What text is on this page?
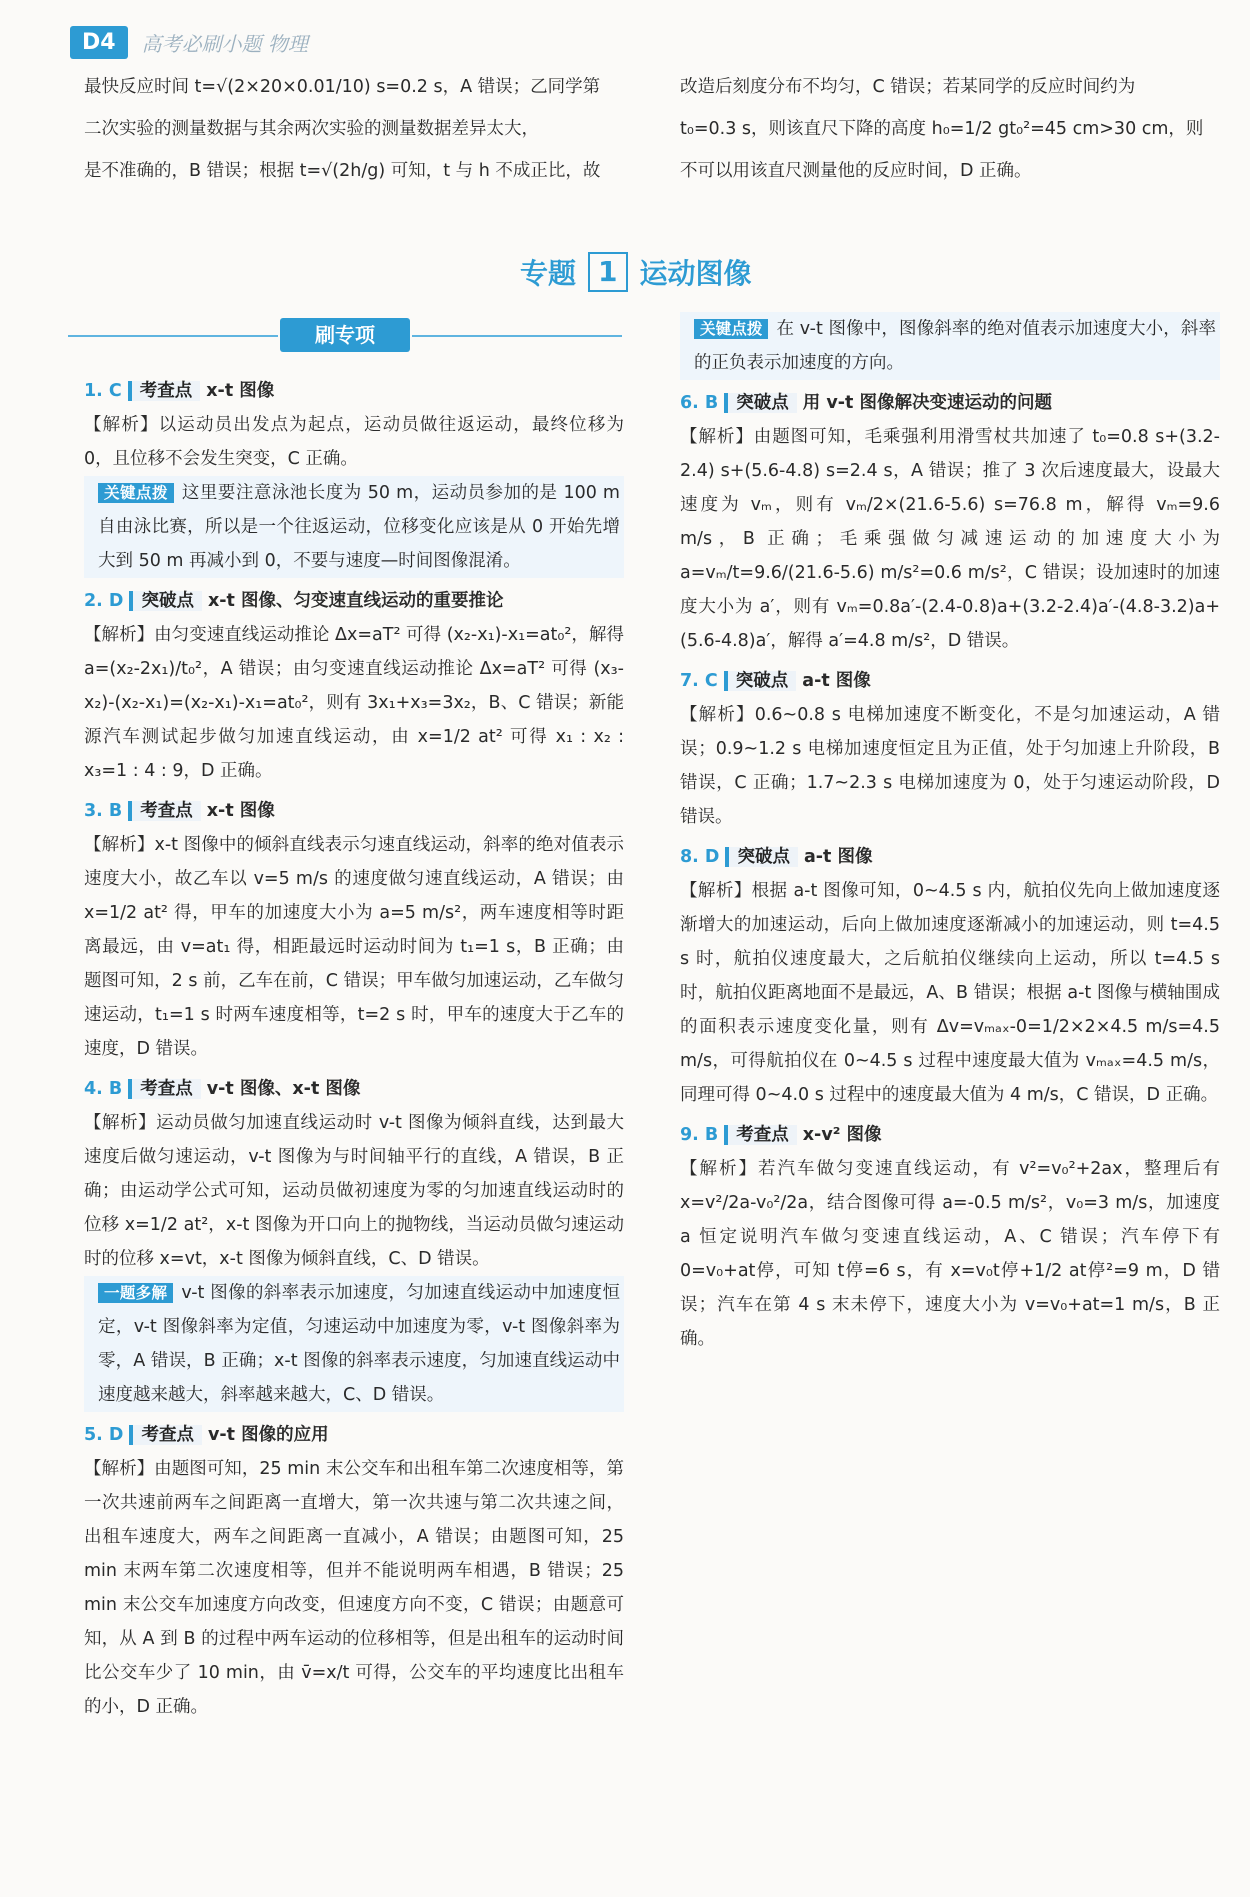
D4	高考必刷小题 物理

最快反应时间 t=√(2×20×0.01/10) s=0.2 s，A 错误；乙同学第

二次实验的测量数据与其余两次实验的测量数据差异太大，

是不准确的，B 错误；根据 t=√(2h/g) 可知，t 与 h 不成正比，故

改造后刻度分布不均匀，C 错误；若某同学的反应时间约为

t₀=0.3 s，则该直尺下降的高度 h₀=1/2 gt₀²=45 cm>30 cm，则

不可以用该直尺测量他的反应时间，D 正确。

专题 1 运动图像
刷专项

1. C 考查点 x-t 图像

【解析】以运动员出发点为起点，运动员做往返运动，最终位移为 0，且位移不会发生突变，C 正确。

关键点拨 这里要注意泳池长度为 50 m，运动员参加的是 100 m 自由泳比赛，所以是一个往返运动，位移变化应该是从 0 开始先增大到 50 m 再减小到 0，不要与速度—时间图像混淆。

2. D 突破点 x-t 图像、匀变速直线运动的重要推论

【解析】由匀变速直线运动推论 Δx=aT² 可得 (x₂-x₁)-x₁=at₀²，解得 a=(x₂-2x₁)/t₀²，A 错误；由匀变速直线运动推论 Δx=aT² 可得 (x₃-x₂)-(x₂-x₁)=(x₂-x₁)-x₁=at₀²，则有 3x₁+x₃=3x₂，B、C 错误；新能源汽车测试起步做匀加速直线运动，由 x=1/2 at² 可得 x₁ : x₂ : x₃=1 : 4 : 9，D 正确。

3. B 考查点 x-t 图像

【解析】x-t 图像中的倾斜直线表示匀速直线运动，斜率的绝对值表示速度大小，故乙车以 v=5 m/s 的速度做匀速直线运动，A 错误；由 x=1/2 at² 得，甲车的加速度大小为 a=5 m/s²，两车速度相等时距离最远，由 v=at₁ 得，相距最远时运动时间为 t₁=1 s，B 正确；由题图可知，2 s 前，乙车在前，C 错误；甲车做匀加速运动，乙车做匀速运动，t₁=1 s 时两车速度相等，t=2 s 时，甲车的速度大于乙车的速度，D 错误。

4. B 考查点 v-t 图像、x-t 图像

【解析】运动员做匀加速直线运动时 v-t 图像为倾斜直线，达到最大速度后做匀速运动，v-t 图像为与时间轴平行的直线，A 错误，B 正确；由运动学公式可知，运动员做初速度为零的匀加速直线运动时的位移 x=1/2 at²，x-t 图像为开口向上的抛物线，当运动员做匀速运动时的位移 x=vt，x-t 图像为倾斜直线，C、D 错误。

一题多解 v-t 图像的斜率表示加速度，匀加速直线运动中加速度恒定，v-t 图像斜率为定值，匀速运动中加速度为零，v-t 图像斜率为零，A 错误，B 正确；x-t 图像的斜率表示速度，匀加速直线运动中速度越来越大，斜率越来越大，C、D 错误。

5. D 考查点 v-t 图像的应用

【解析】由题图可知，25 min 末公交车和出租车第二次速度相等，第一次共速前两车之间距离一直增大，第一次共速与第二次共速之间，出租车速度大，两车之间距离一直减小，A 错误；由题图可知，25 min 末两车第二次速度相等，但并不能说明两车相遇，B 错误；25 min 末公交车加速度方向改变，但速度方向不变，C 错误；由题意可知，从 A 到 B 的过程中两车运动的位移相等，但是出租车的运动时间比公交车少了 10 min，由 v̄=x/t 可得，公交车的平均速度比出租车的小，D 正确。

关键点拨 在 v-t 图像中，图像斜率的绝对值表示加速度大小，斜率的正负表示加速度的方向。

6. B 突破点 用 v-t 图像解决变速运动的问题

【解析】由题图可知，毛乘强利用滑雪杖共加速了 t₀=0.8 s+(3.2-2.4) s+(5.6-4.8) s=2.4 s，A 错误；推了 3 次后速度最大，设最大速度为 vₘ，则有 vₘ/2×(21.6-5.6) s=76.8 m，解得 vₘ=9.6 m/s，B 正确；毛乘强做匀减速运动的加速度大小为 a=vₘ/t=9.6/(21.6-5.6) m/s²=0.6 m/s²，C 错误；设加速时的加速度大小为 a′，则有 vₘ=0.8a′-(2.4-0.8)a+(3.2-2.4)a′-(4.8-3.2)a+(5.6-4.8)a′，解得 a′=4.8 m/s²，D 错误。

7. C 突破点 a-t 图像

【解析】0.6~0.8 s 电梯加速度不断变化，不是匀加速运动，A 错误；0.9~1.2 s 电梯加速度恒定且为正值，处于匀加速上升阶段，B 错误，C 正确；1.7~2.3 s 电梯加速度为 0，处于匀速运动阶段，D 错误。

8. D 突破点 a-t 图像

【解析】根据 a-t 图像可知，0~4.5 s 内，航拍仪先向上做加速度逐渐增大的加速运动，后向上做加速度逐渐减小的加速运动，则 t=4.5 s 时，航拍仪速度最大，之后航拍仪继续向上运动，所以 t=4.5 s 时，航拍仪距离地面不是最远，A、B 错误；根据 a-t 图像与横轴围成的面积表示速度变化量，则有 Δv=vₘₐₓ-0=1/2×2×4.5 m/s=4.5 m/s，可得航拍仪在 0~4.5 s 过程中速度最大值为 vₘₐₓ=4.5 m/s，同理可得 0~4.0 s 过程中的速度最大值为 4 m/s，C 错误，D 正确。

9. B 考查点 x-v² 图像

【解析】若汽车做匀变速直线运动，有 v²=v₀²+2ax，整理后有 x=v²/2a-v₀²/2a，结合图像可得 a=-0.5 m/s²，v₀=3 m/s，加速度 a 恒定说明汽车做匀变速直线运动，A、C 错误；汽车停下有 0=v₀+at停，可知 t停=6 s，有 x=v₀t停+1/2 at停²=9 m，D 错误；汽车在第 4 s 末未停下，速度大小为 v=v₀+at=1 m/s，B 正确。
